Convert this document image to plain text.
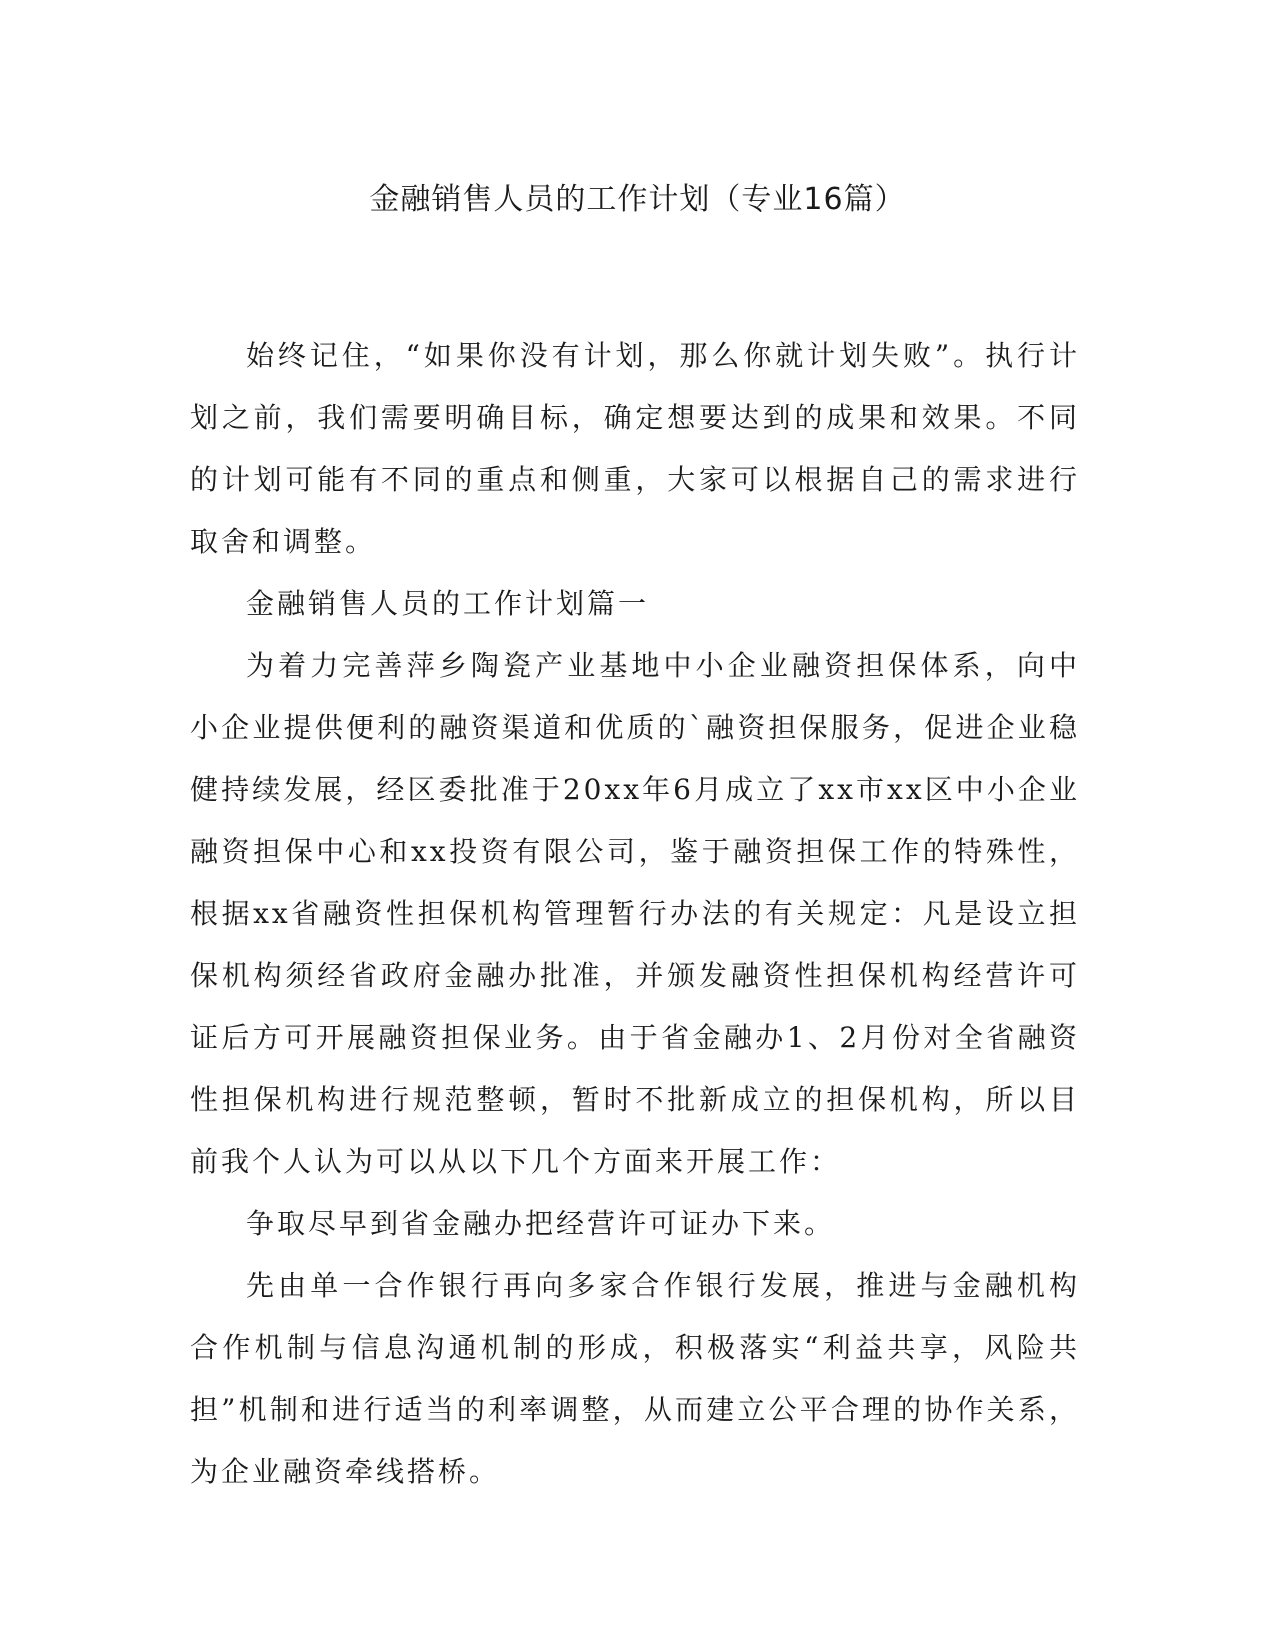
金融销售人员的工作计划（专业16篇）

始终记住，“如果你没有计划，那么你就计划失败”。执行计划之前，我们需要明确目标，确定想要达到的成果和效果。不同的计划可能有不同的重点和侧重，大家可以根据自己的需求进行取舍和调整。

金融销售人员的工作计划篇一

为着力完善萍乡陶瓷产业基地中小企业融资担保体系，向中小企业提供便利的融资渠道和优质的`融资担保服务，促进企业稳健持续发展，经区委批准于20xx年6月成立了xx市xx区中小企业融资担保中心和xx投资有限公司，鉴于融资担保工作的特殊性，根据xx省融资性担保机构管理暂行办法的有关规定：凡是设立担保机构须经省政府金融办批准，并颁发融资性担保机构经营许可证后方可开展融资担保业务。由于省金融办1、2月份对全省融资性担保机构进行规范整顿，暂时不批新成立的担保机构，所以目前我个人认为可以从以下几个方面来开展工作：

争取尽早到省金融办把经营许可证办下来。

先由单一合作银行再向多家合作银行发展，推进与金融机构合作机制与信息沟通机制的形成，积极落实“利益共享，风险共担”机制和进行适当的利率调整，从而建立公平合理的协作关系，为企业融资牵线搭桥。
